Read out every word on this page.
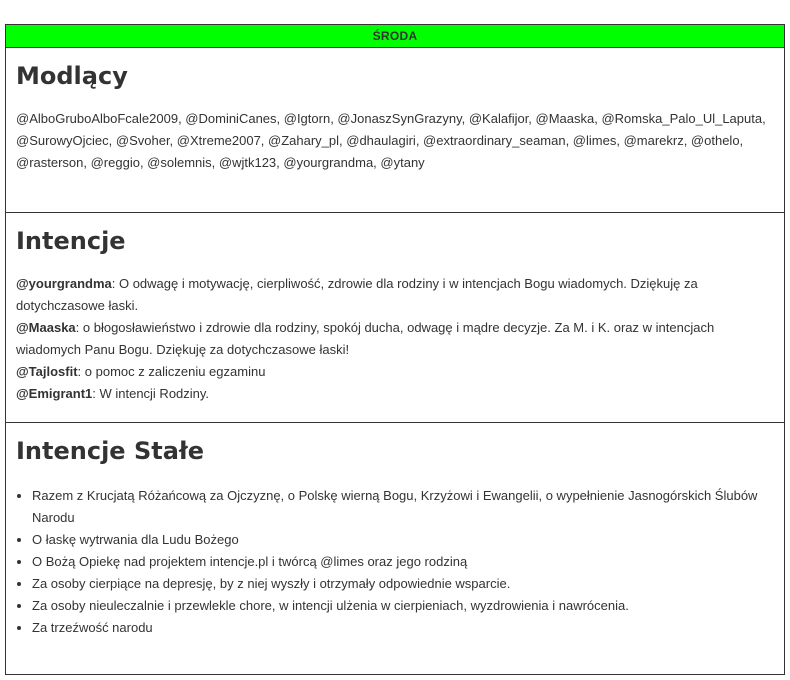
ŚRODA
Modlący
@AlboGruboAlboFcale2009, @DominiCanes, @Igtorn, @JonaszSynGrazyny, @Kalafijor, @Maaska, @Romska_Palo_Ul_Laputa, @SurowyOjciec, @Svoher, @Xtreme2007, @Zahary_pl, @dhaulagiri, @extraordinary_seaman, @limes, @marekrz, @othelo, @rasterson, @reggio, @solemnis, @wjtk123, @yourgrandma, @ytany
Intencje
@yourgrandma: O odwagę i motywację, cierpliwość, zdrowie dla rodziny i w intencjach Bogu wiadomych. Dziękuję za dotychczasowe łaski.
@Maaska: o błogosławieństwo i zdrowie dla rodziny, spokój ducha, odwagę i mądre decyzje. Za M. i K. oraz w intencjach wiadomych Panu Bogu. Dziękuję za dotychczasowe łaski!
@Tajlosfit: o pomoc z zaliczeniu egzaminu
@Emigrant1: W intencji Rodziny.
Intencje Stałe
• Razem z Krucjatą Różańcową za Ojczyznę, o Polskę wierną Bogu, Krzyżowi i Ewangelii, o wypełnienie Jasnogórskich Ślubów Narodu
• O łaskę wytrwania dla Ludu Bożego
• O Bożą Opiekę nad projektem intencje.pl i twórcą @limes oraz jego rodziną
• Za osoby cierpiące na depresję, by z niej wyszły i otrzymały odpowiednie wsparcie.
• Za osoby nieuleczalnie i przewlekle chore, w intencji ulżenia w cierpieniach, wyzdrowienia i nawrócenia.
• Za trzeźwość narodu
